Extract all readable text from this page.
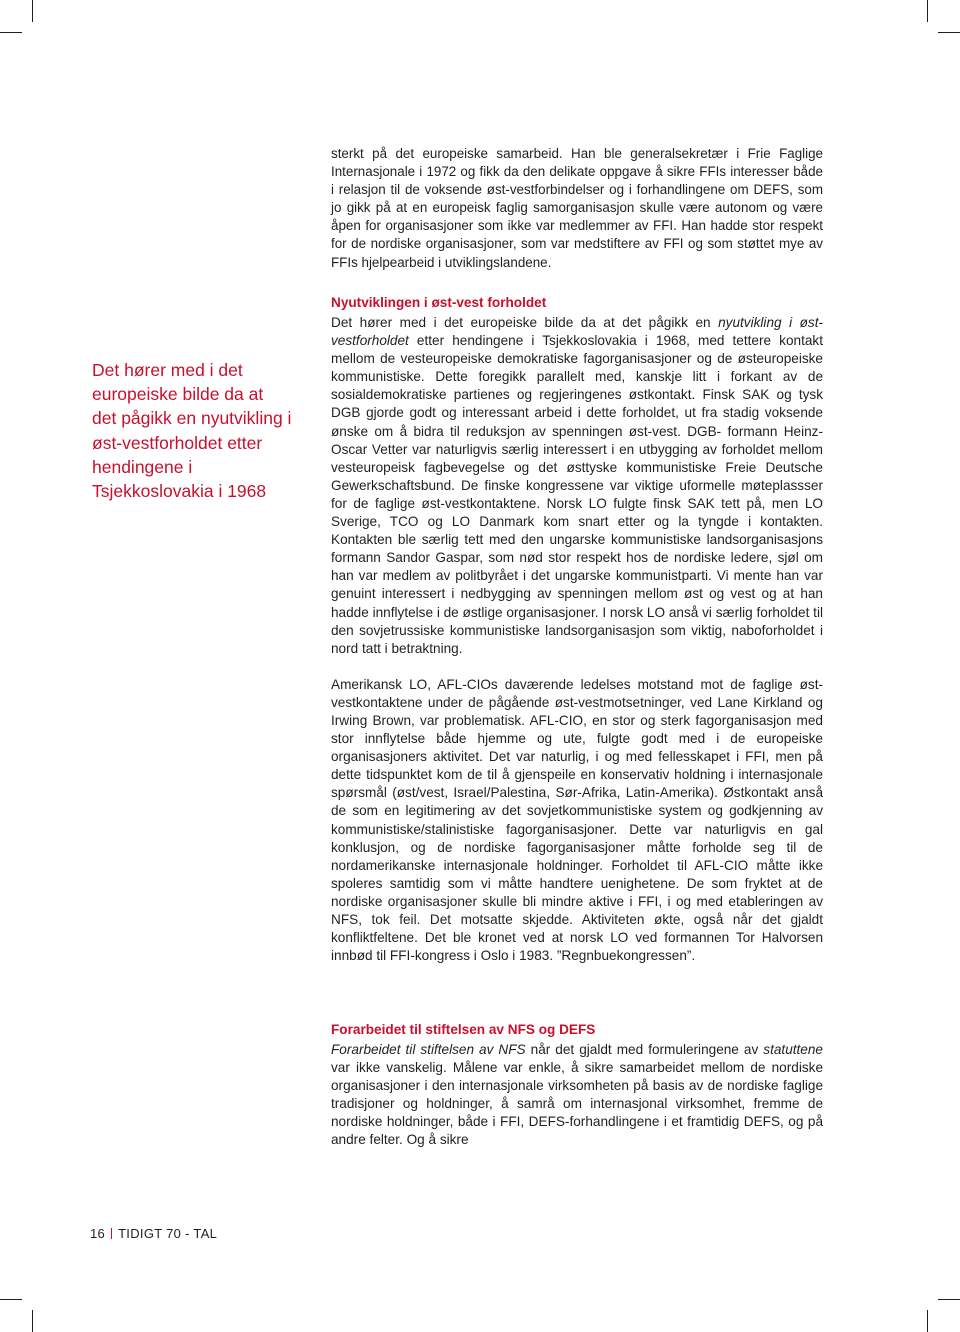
sterkt på det europeiske samarbeid. Han ble generalsekretær i Frie Faglige Internasjonale i 1972 og fikk da den delikate oppgave å sikre FFIs interesser både i relasjon til de voksende øst-vestforbindelser og i forhandlingene om DEFS, som jo gikk på at en europeisk faglig samorganisasjon skulle være autonom og være åpen for organisasjoner som ikke var medlemmer av FFI. Han hadde stor respekt for de nordiske organisasjoner, som var medstiftere av FFI og som støttet mye av FFIs hjelpearbeid i utviklingslandene.

Det hører med i det europeiske bilde da at det pågikk en nyutvikling i øst-vestforholdet etter hendingene i Tsjekkoslovakia i 1968
Nyutviklingen i øst-vest forholdet

Det hører med i det europeiske bilde da at det pågikk en nyutvikling i øst-vestforholdet etter hendingene i Tsjekkoslovakia i 1968, med tettere kontakt mellom de vesteuropeiske demokratiske fagorganisasjoner og de østeuropeiske kommunistiske. Dette foregikk parallelt med, kanskje litt i forkant av de sosialdemokratiske partienes og regjeringenes østkontakt. Finsk SAK og tysk DGB gjorde godt og interessant arbeid i dette forholdet, ut fra stadig voksende ønske om å bidra til reduksjon av spenningen øst-vest. DGB- formann Heinz-Oscar Vetter var naturligvis særlig interessert i en utbygging av forholdet mellom vesteuropeisk fagbevegelse og det østtyske kommunistiske Freie Deutsche Gewerkschaftsbund. De finske kongressene var viktige uformelle møteplassser for de faglige øst-vestkontaktene. Norsk LO fulgte finsk SAK tett på, men LO Sverige, TCO og LO Danmark kom snart etter og la tyngde i kontakten. Kontakten ble særlig tett med den ungarske kommunistiske landsorganisasjons formann Sandor Gaspar, som nød stor respekt hos de nordiske ledere, sjøl om han var medlem av politbyrået i det ungarske kommunistparti. Vi mente han var genuint interessert i nedbygging av spenningen mellom øst og vest og at han hadde innflytelse i de østlige organisasjoner. I norsk LO anså vi særlig forholdet til den sovjetrussiske kommunistiske landsorganisasjon som viktig, naboforholdet i nord tatt i betraktning.

Amerikansk LO, AFL-CIOs daværende ledelses motstand mot de faglige øst-vestkontaktene under de pågående øst-vestmotsetninger, ved Lane Kirkland og Irwing Brown, var problematisk. AFL-CIO, en stor og sterk fagorganisasjon med stor innflytelse både hjemme og ute, fulgte godt med i de europeiske organisasjoners aktivitet. Det var naturlig, i og med fellesskapet i FFI, men på dette tidspunktet kom de til å gjenspeile en konservativ holdning i internasjonale spørsmål (øst/vest, Israel/Palestina, Sør-Afrika, Latin-Amerika). Østkontakt anså de som en legitimering av det sovjetkommunistiske system og godkjenning av kommunistiske/stalinistiske fagorganisasjoner. Dette var naturligvis en gal konklusjon, og de nordiske fagorganisasjoner måtte forholde seg til de nordamerikanske internasjonale holdninger. Forholdet til AFL-CIO måtte ikke spoleres samtidig som vi måtte handtere uenighetene. De som fryktet at de nordiske organisasjoner skulle bli mindre aktive i FFI, i og med etableringen av NFS, tok feil. Det motsatte skjedde. Aktiviteten økte, også når det gjaldt konfliktfeltene. Det ble kronet ved at norsk LO ved formannen Tor Halvorsen innbød til FFI-kongress i Oslo i 1983. ”Regnbuekongressen”.

Forarbeidet til stiftelsen av NFS og DEFS

Forarbeidet til stiftelsen av NFS når det gjaldt med formuleringene av statuttene var ikke vanskelig. Målene var enkle, å sikre samarbeidet mellom de nordiske organisasjoner i den internasjonale virksomheten på basis av de nordiske faglige tradisjoner og holdninger, å samrå om internasjonal virksomhet, fremme de nordiske holdninger, både i FFI, DEFS-forhandlingene i et framtidig DEFS, og på andre felter. Og å sikre

16 TIDIGT 70 - TAL
